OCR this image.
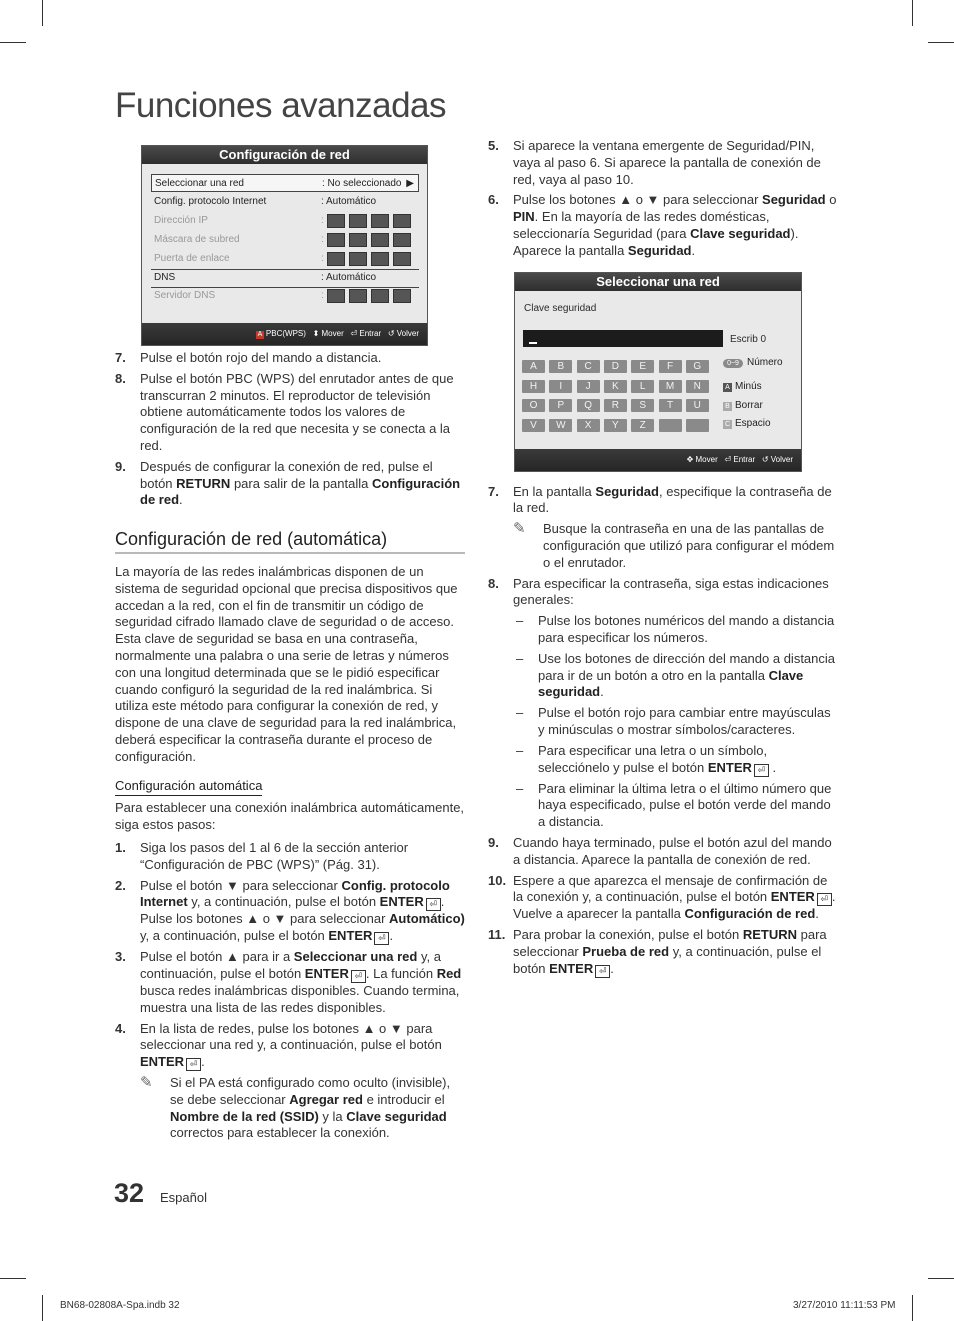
Funciones avanzadas
Configuración de red
Seleccionar una red	: No seleccionado ▶
Config. protocolo Internet	: Automático
Dirección IP	:
Máscara de subred	:
Puerta de enlace	:
DNS	: Automático
Servidor DNS	:
A PBC(WPS) ⬍ Mover ⏎ Entrar ↺ Volver
7.	Pulse el botón rojo del mando a distancia.
8.	Pulse el botón PBC (WPS) del enrutador antes de que transcurran 2 minutos. El reproductor de televisión obtiene automáticamente todos los valores de configuración de la red que necesita y se conecta a la red.
9.	Después de configurar la conexión de red, pulse el botón RETURN para salir de la pantalla Configuración de red.
Configuración de red (automática)

La mayoría de las redes inalámbricas disponen de un sistema de seguridad opcional que precisa dispositivos que accedan a la red, con el fin de transmitir un código de seguridad cifrado llamado clave de seguridad o de acceso. Esta clave de seguridad se basa en una contraseña, normalmente una palabra o una serie de letras y números con una longitud determinada que se le pidió especificar cuando configuró la seguridad de la red inalámbrica. Si utiliza este método para configurar la conexión de red, y dispone de una clave de seguridad para la red inalámbrica, deberá especificar la contraseña durante el proceso de configuración.

Configuración automática

Para establecer una conexión inalámbrica automáticamente, siga estos pasos:

1.	Siga los pasos del 1 al 6 de la sección anterior “Configuración de PBC (WPS)” (Pág. 31).
2.	Pulse el botón ▼ para seleccionar Config. protocolo Internet y, a continuación, pulse el botón ENTER ⏎ . Pulse los botones ▲ o ▼ para seleccionar Automático) y, a continuación, pulse el botón ENTER ⏎ .
3.	Pulse el botón ▲ para ir a Seleccionar una red y, a continuación, pulse el botón ENTER ⏎ . La función Red busca redes inalámbricas disponibles. Cuando termina, muestra una lista de las redes disponibles.
4.	En la lista de redes, pulse los botones ▲ o ▼ para seleccionar una red y, a continuación, pulse el botón ENTER ⏎ .
✎	Si el PA está configurado como oculto (invisible), se debe seleccionar Agregar red e introducir el Nombre de la red (SSID) y la Clave seguridad correctos para establecer la conexión.
5.	Si aparece la ventana emergente de Seguridad/PIN, vaya al paso 6. Si aparece la pantalla de conexión de red, vaya al paso 10.
6.	Pulse los botones ▲ o ▼ para seleccionar Seguridad o PIN. En la mayoría de las redes domésticas, seleccionaría Seguridad (para Clave seguridad). Aparece la pantalla Seguridad.
7.	En la pantalla Seguridad, especifique la contraseña de la red.
✎	Busque la contraseña en una de las pantallas de configuración que utilizó para configurar el módem o el enrutador.
8.	Para especificar la contraseña, siga estas indicaciones generales:
–	Pulse los botones numéricos del mando a distancia para especificar los números.
–	Use los botones de dirección del mando a distancia para ir de un botón a otro en la pantalla Clave seguridad.
–	Pulse el botón rojo para cambiar entre mayúsculas y minúsculas o mostrar símbolos/caracteres.
–	Para especificar una letra o un símbolo, selecciónelo y pulse el botón ENTER ⏎ .
–	Para eliminar la última letra o el último número que haya especificado, pulse el botón verde del mando a distancia.
9.	Cuando haya terminado, pulse el botón azul del mando a distancia. Aparece la pantalla de conexión de red.
10. Espere a que aparezca el mensaje de confirmación de la conexión y, a continuación, pulse el botón ENTER ⏎ . Vuelve a aparecer la pantalla Configuración de red.
11. Para probar la conexión, pulse el botón RETURN para seleccionar Prueba de red y, a continuación, pulse el botón ENTER ⏎ .
Seleccionar una red
Clave seguridad
Escrib 0
A	B	C	D	E	F	G
H	I	J	K	L	M	N
O	P	Q	R	S	T	U
V	W	X	Y	Z
0~9 Número
A Minús
B Borrar
C Espacio
✥ Mover ⏎ Entrar ↺ Volver
32 Español
BN68-02808A-Spa.indb 32	3/27/2010 11:11:53 PM
